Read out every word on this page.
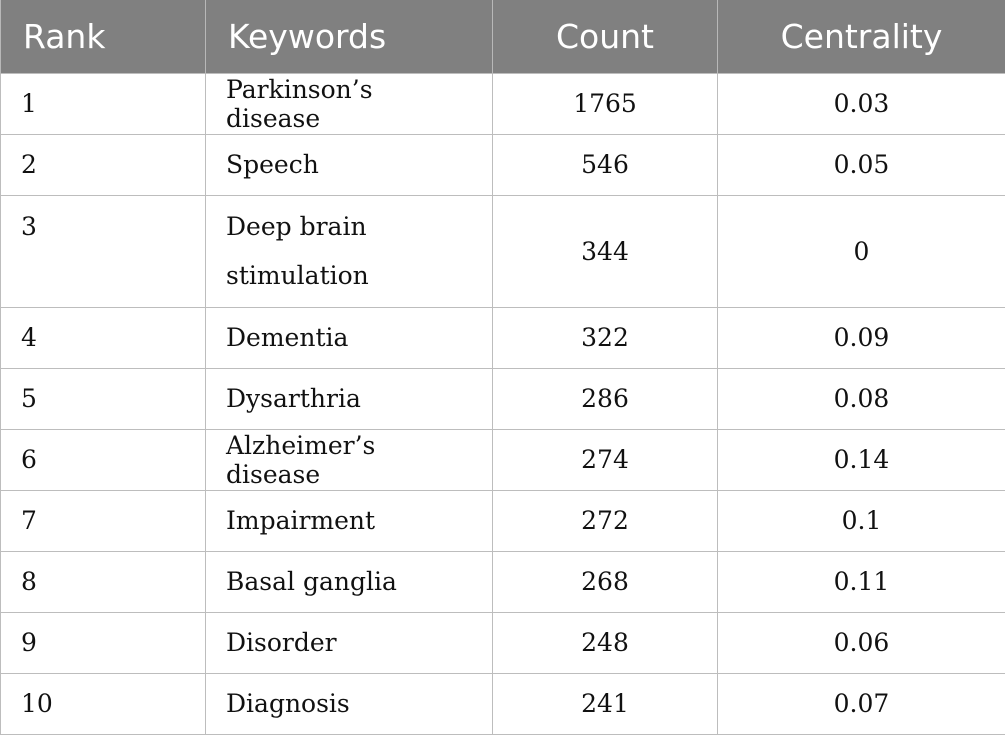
Rank	Keywords	Count	Centrality
1	Parkinson’s disease	1765	0.03
2	Speech	546	0.05
3	Deep brain stimulation	344	0
4	Dementia	322	0.09
5	Dysarthria	286	0.08
6	Alzheimer’s disease	274	0.14
7	Impairment	272	0.1
8	Basal ganglia	268	0.11
9	Disorder	248	0.06
10	Diagnosis	241	0.07
